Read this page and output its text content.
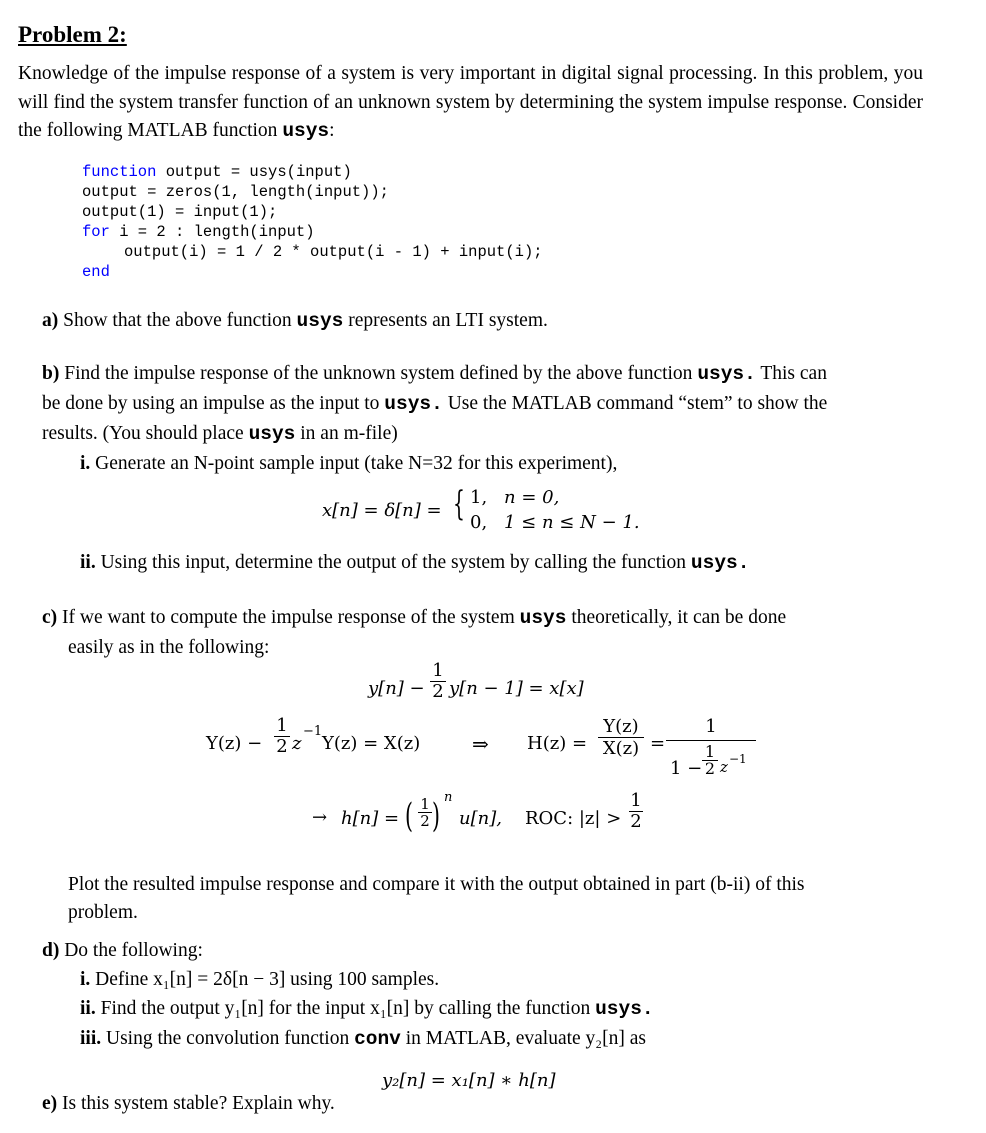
Problem 2:
Knowledge of the impulse response of a system is very important in digital signal processing. In this problem, you will find the system transfer function of an unknown system by determining the system impulse response. Consider the following MATLAB function usys:
function output = usys(input)
output = zeros(1, length(input));
output(1) = input(1);
for i = 2 : length(input)
output(i) = 1 / 2 * output(i - 1) + input(i);
end
a) Show that the above function usys represents an LTI system.
b) Find the impulse response of the unknown system defined by the above function usys. This can
be done by using an impulse as the input to usys. Use the MATLAB command “stem” to show the
results. (You should place usys in an m-file)
i. Generate an N-point sample input (take N=32 for this experiment),
x[n] = δ[n] = { 1, n = 0,
0, 1 ≤ n ≤ N − 1.
ii. Using this input, determine the output of the system by calling the function usys.
c) If we want to compute the impulse response of the system usys theoretically, it can be done
easily as in the following:
$y[n] - \frac{1}{2} y[n - 1] = x[x]$
$Y(z) - \frac{1}{2}$ z
−1
Y(z) = X(z)	⇒ $H(z) = \frac{Y(z)}{X(z)}$ =
1
$1 - \frac{1}{2}$ z −1
→ h[n] = ( $\frac{1}{2}$ ) n
u[n], ROC: $|z| > \frac{1}{2}$
Plot the resulted impulse response and compare it with the output obtained in part (b-ii) of this
problem.
d) Do the following:
i. Define x₁[n] = 2δ[n − 3] using 100 samples.
ii. Find the output y₁[n] for the input x₁[n] by calling the function usys.
iii. Using the convolution function conv in MATLAB, evaluate y₂[n] as
y₂[n] = x₁[n] ∗ h[n]
e) Is this system stable? Explain why.
